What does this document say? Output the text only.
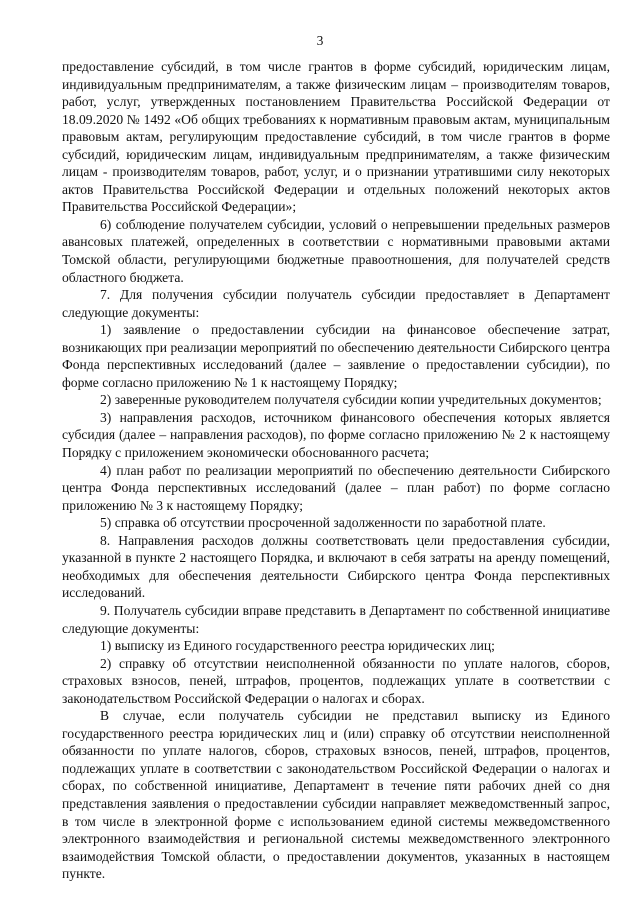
3

предоставление субсидий, в том числе грантов в форме субсидий, юридическим лицам, индивидуальным предпринимателям, а также физическим лицам – производителям товаров, работ, услуг, утвержденных постановлением Правительства Российской Федерации от 18.09.2020 № 1492 «Об общих требованиях к нормативным правовым актам, муниципальным правовым актам, регулирующим предоставление субсидий, в том числе грантов в форме субсидий, юридическим лицам, индивидуальным предпринимателям, а также физическим лицам - производителям товаров, работ, услуг, и о признании утратившими силу некоторых актов Правительства Российской Федерации и отдельных положений некоторых актов Правительства Российской Федерации»;

6) соблюдение получателем субсидии, условий о непревышении предельных размеров авансовых платежей, определенных в соответствии с нормативными правовыми актами Томской области, регулирующими бюджетные правоотношения, для получателей средств областного бюджета.

7. Для получения субсидии получатель субсидии предоставляет в Департамент следующие документы:

1) заявление о предоставлении субсидии на финансовое обеспечение затрат, возникающих при реализации мероприятий по обеспечению деятельности Сибирского центра Фонда перспективных исследований (далее – заявление о предоставлении субсидии), по форме согласно приложению № 1 к настоящему Порядку;

2) заверенные руководителем получателя субсидии копии учредительных документов;

3) направления расходов, источником финансового обеспечения которых является субсидия (далее – направления расходов), по форме согласно приложению № 2 к настоящему Порядку с приложением экономически обоснованного расчета;

4) план работ по реализации мероприятий по обеспечению деятельности Сибирского центра Фонда перспективных исследований (далее – план работ) по форме согласно приложению № 3 к настоящему Порядку;

5) справка об отсутствии просроченной задолженности по заработной плате.

8. Направления расходов должны соответствовать цели предоставления субсидии, указанной в пункте 2 настоящего Порядка, и включают в себя затраты на аренду помещений, необходимых для обеспечения деятельности Сибирского центра Фонда перспективных исследований.

9. Получатель субсидии вправе представить в Департамент по собственной инициативе следующие документы:

1) выписку из Единого государственного реестра юридических лиц;

2) справку об отсутствии неисполненной обязанности по уплате налогов, сборов, страховых взносов, пеней, штрафов, процентов, подлежащих уплате в соответствии с законодательством Российской Федерации о налогах и сборах.

В случае, если получатель субсидии не представил выписку из Единого государственного реестра юридических лиц и (или) справку об отсутствии неисполненной обязанности по уплате налогов, сборов, страховых взносов, пеней, штрафов, процентов, подлежащих уплате в соответствии с законодательством Российской Федерации о налогах и сборах, по собственной инициативе, Департамент в течение пяти рабочих дней со дня представления заявления о предоставлении субсидии направляет межведомственный запрос, в том числе в электронной форме с использованием единой системы межведомственного электронного взаимодействия и региональной системы межведомственного электронного взаимодействия Томской области, о предоставлении документов, указанных в настоящем пункте.
